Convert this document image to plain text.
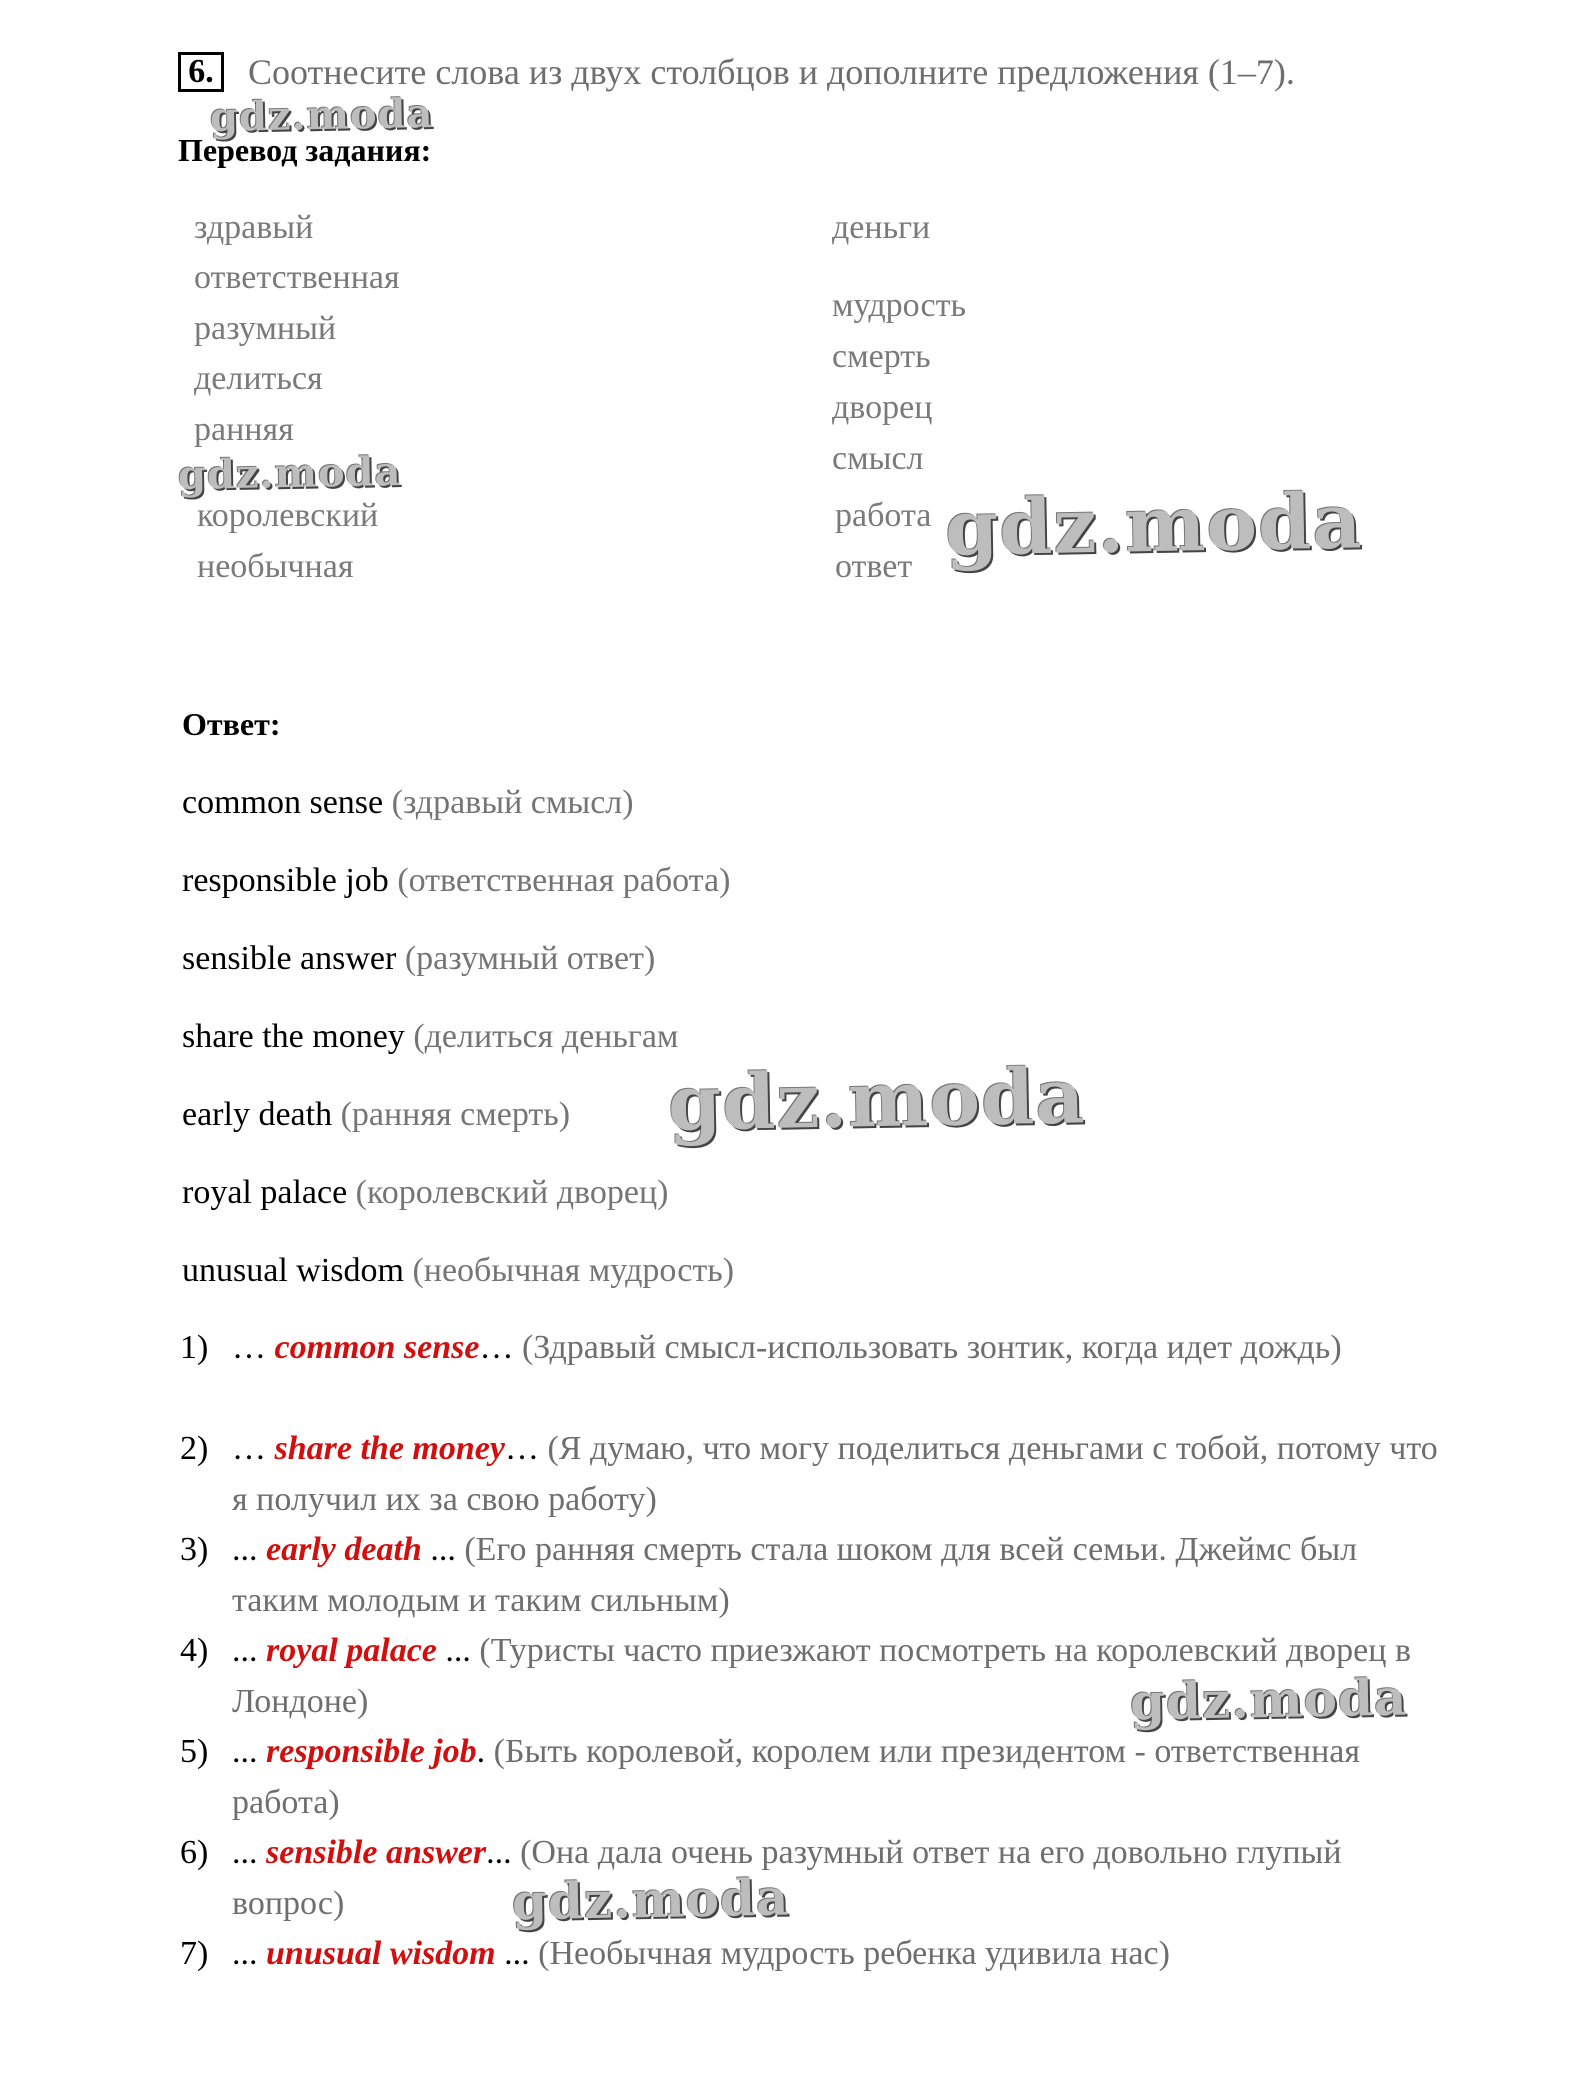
6. Соотнесите слова из двух столбцов и дополните предложения (1–7).
Перевод задания:
здравый
ответственная
разумный
делиться
ранняя
королевский
необычная
деньги
мудрость
смерть
дворец
смысл
работа
ответ
Ответ:
common sense (здравый смысл)
responsible job (ответственная работа)
sensible answer (разумный ответ)
share the money (делиться деньгам
early death (ранняя смерть)
royal palace (королевский дворец)
unusual wisdom (необычная мудрость)
1) … common sense… (Здравый смысл-использовать зонтик, когда идет дождь)
2) … share the money… (Я думаю, что могу поделиться деньгами с тобой, потому что я получил их за свою работу)
3) ... early death ... (Его ранняя смерть стала шоком для всей семьи. Джеймс был таким молодым и таким сильным)
4) ... royal palace ... (Туристы часто приезжают посмотреть на королевский дворец в Лондоне)
5) ... responsible job. (Быть королевой, королем или президентом - ответственная работа)
6) ... sensible answer... (Она дала очень разумный ответ на его довольно глупый вопрос)
7) ... unusual wisdom ... (Необычная мудрость ребенка удивила нас)
gdz.moda
gdz.moda
gdz.moda
gdz.moda
gdz.moda
gdz.moda
